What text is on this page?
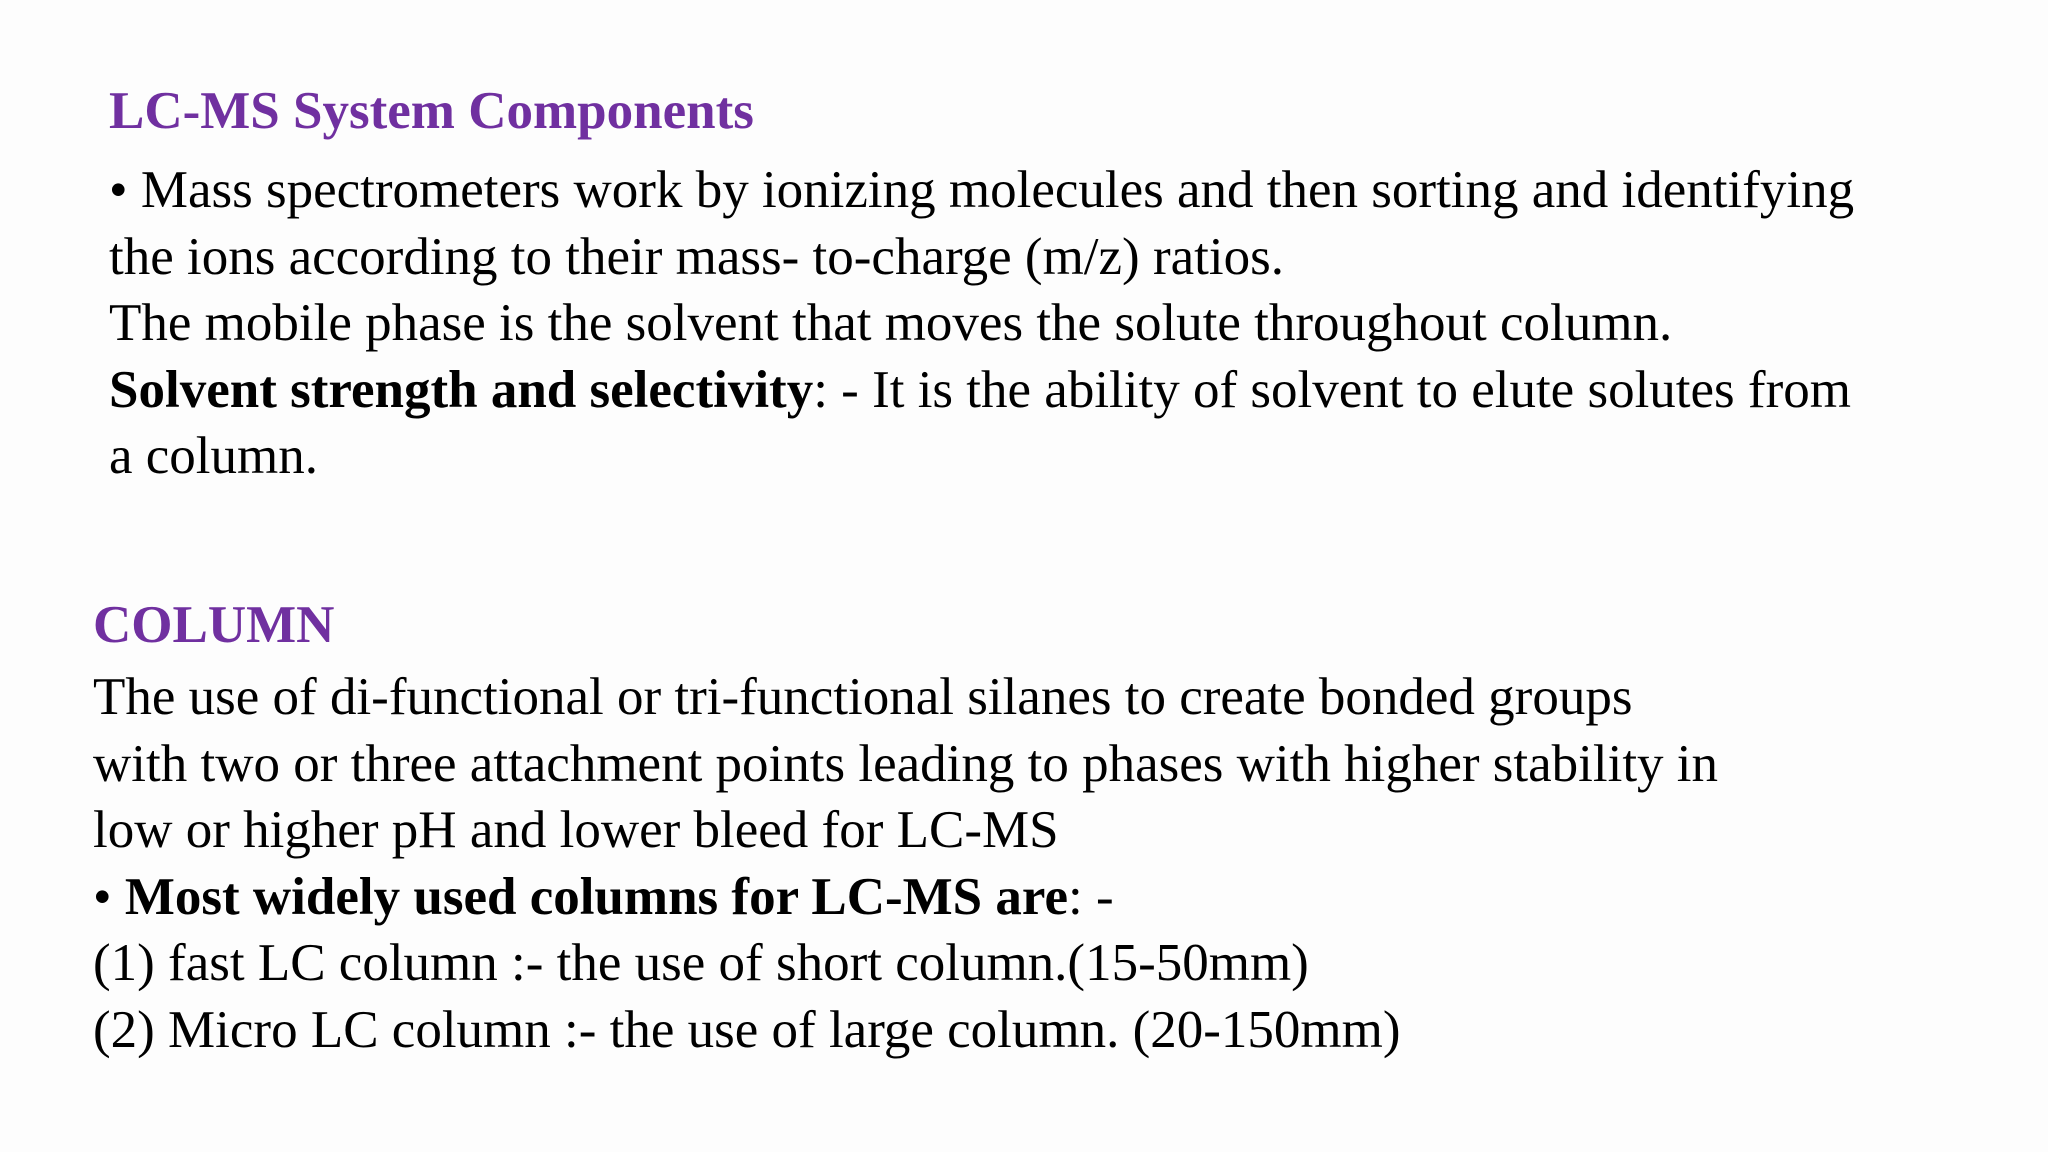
LC-MS System Components

• Mass spectrometers work by ionizing molecules and then sorting and identifying

the ions according to their mass- to-charge (m/z) ratios.

The mobile phase is the solvent that moves the solute throughout column.

Solvent strength and selectivity: - It is the ability of solvent to elute solutes from

a column.

COLUMN

The use of di-functional or tri-functional silanes to create bonded groups

with two or three attachment points leading to phases with higher stability in

low or higher pH and lower bleed for LC-MS

• Most widely used columns for LC-MS are: -

(1) fast LC column :- the use of short column.(15-50mm)

(2) Micro LC column :- the use of large column. (20-150mm)
